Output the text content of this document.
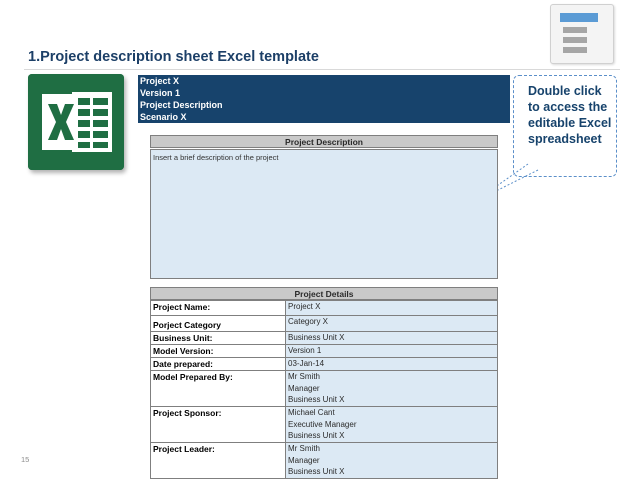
1.Project description sheet Excel template
Project X
Version 1
Project Description
Scenario X
Double click to access the editable Excel spreadsheet
Project Description
Insert a brief description of the project
Project Details
Project Name:	Project X

Porject Category	Category X

Business Unit:	Business Unit X

Model Version:	Version 1

Date prepared:	03-Jan-14

Model Prepared By:	Mr Smith
Manager
Business Unit X

Project Sponsor:	Michael Cant
Executive Manager
Business Unit X

Project Leader:	Mr Smith
Manager
Business Unit X
15
